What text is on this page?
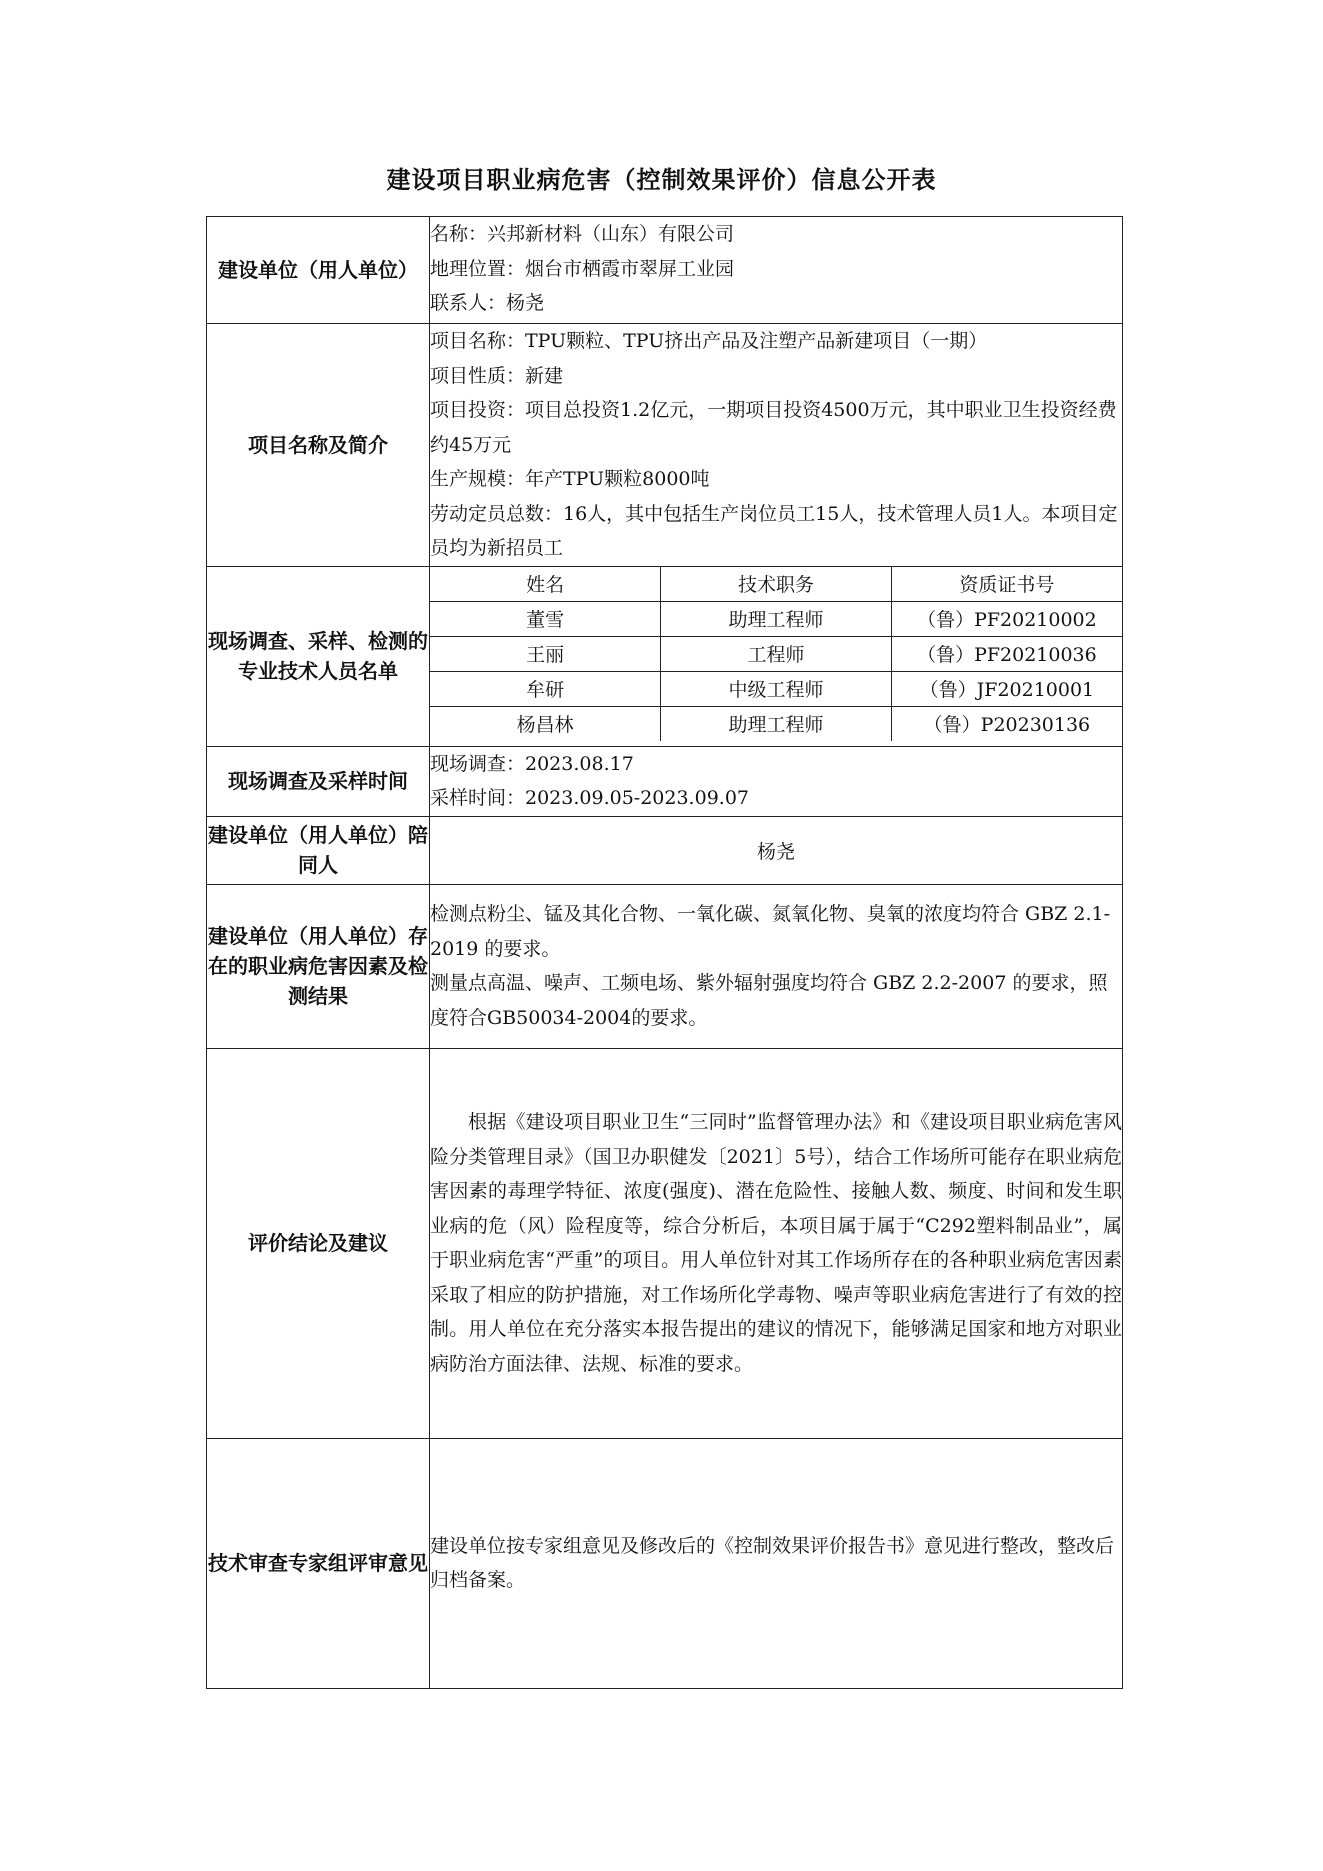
建设项目职业病危害（控制效果评价）信息公开表
建设单位（用人单位）	
名称：兴邦新材料（山东）有限公司
地理位置：烟台市栖霞市翠屏工业园
联系人：杨尧

项目名称及简介	
项目名称：TPU颗粒、TPU挤出产品及注塑产品新建项目（一期）
项目性质：新建
项目投资：项目总投资1.2亿元，一期项目投资4500万元，其中职业卫生投资经费约45万元
生产规模：年产TPU颗粒8000吨
劳动定员总数：16人，其中包括生产岗位员工15人，技术管理人员1人。本项目定员均为新招员工

现场调查、采样、检测的专业技术人员名单	
姓名	技术职务	资质证书号
董雪	助理工程师	（鲁）PF20210002
王丽	工程师	（鲁）PF20210036
牟研	中级工程师	（鲁）JF20210001
杨昌林	助理工程师	（鲁）P20230136

现场调查及采样时间	
现场调查：2023.08.17
采样时间：2023.09.05-2023.09.07

建设单位（用人单位）陪同人	杨尧
建设单位（用人单位）存在的职业病危害因素及检测结果	
检测点粉尘、锰及其化合物、一氧化碳、氮氧化物、臭氧的浓度均符合 GBZ 2.1-2019 的要求。
测量点高温、噪声、工频电场、紫外辐射强度均符合 GBZ 2.2-2007 的要求，照度符合GB50034-2004的要求。

评价结论及建议	
根据《建设项目职业卫生“三同时”监督管理办法》和《建设项目职业病危害风险分类管理目录》（国卫办职健发〔2021〕5号），结合工作场所可能存在职业病危害因素的毒理学特征、浓度(强度)、潜在危险性、接触人数、频度、时间和发生职业病的危（风）险程度等，综合分析后，本项目属于属于“C292塑料制品业”，属于职业病危害“严重”的项目。用人单位针对其工作场所存在的各种职业病危害因素采取了相应的防护措施，对工作场所化学毒物、噪声等职业病危害进行了有效的控制。用人单位在充分落实本报告提出的建议的情况下，能够满足国家和地方对职业病防治方面法律、法规、标准的要求。

技术审查专家组评审意见	
建设单位按专家组意见及修改后的《控制效果评价报告书》意见进行整改，整改后归档备案。
